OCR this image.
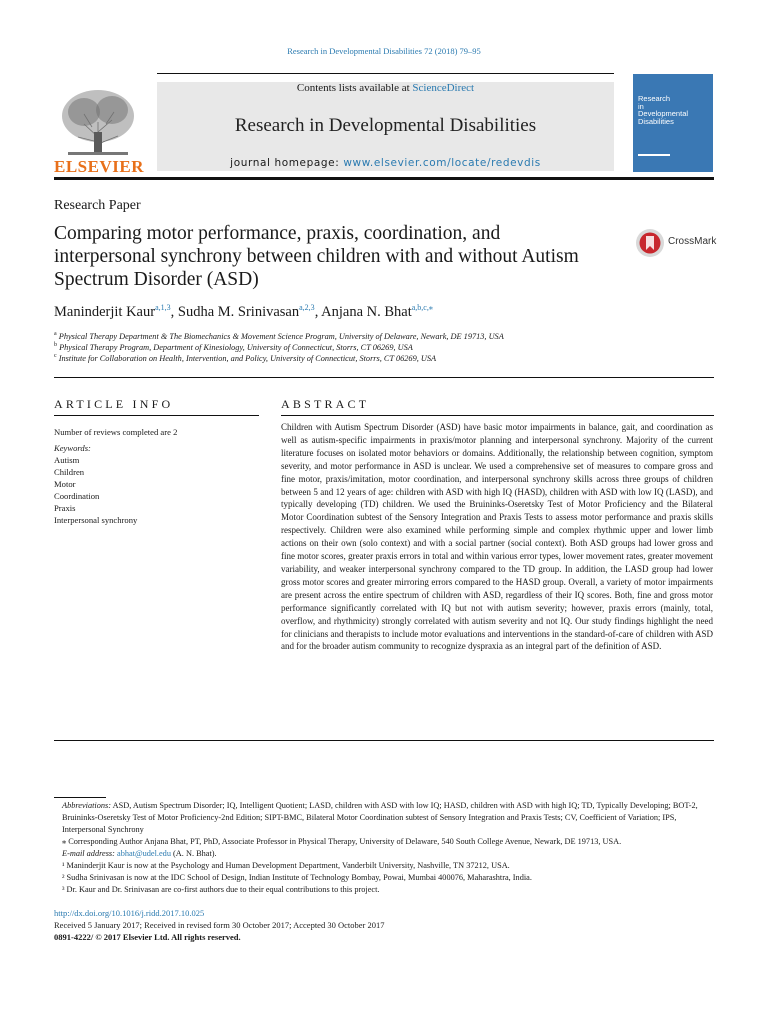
Research in Developmental Disabilities 72 (2018) 79–95
ELSEVIER
Contents lists available at ScienceDirect
Research in Developmental Disabilities
journal homepage: www.elsevier.com/locate/redevdis
Research
in
Developmental
Disabilities
Research Paper
Comparing motor performance, praxis, coordination, and interpersonal synchrony between children with and without Autism Spectrum Disorder (ASD)
CrossMark
Maninderjit Kaur$^{a,1,3}$, Sudha M. Srinivasan$^{a,2,3}$, Anjana N. Bhat$^{a,b,c,⁎}$
$^a$ Physical Therapy Department & The Biomechanics & Movement Science Program, University of Delaware, Newark, DE 19713, USA
$^b$ Physical Therapy Program, Department of Kinesiology, University of Connecticut, Storrs, CT 06269, USA
$^c$ Institute for Collaboration on Health, Intervention, and Policy, University of Connecticut, Storrs, CT 06269, USA
ARTICLE INFO
Number of reviews completed are 2
Keywords:
Autism
Children
Motor
Coordination
Praxis
Interpersonal synchrony
ABSTRACT
Children with Autism Spectrum Disorder (ASD) have basic motor impairments in balance, gait, and coordination as well as autism-specific impairments in praxis/motor planning and interpersonal synchrony. Majority of the current literature focuses on isolated motor behaviors or domains. Additionally, the relationship between cognition, symptom severity, and motor performance in ASD is unclear. We used a comprehensive set of measures to compare gross and fine motor, praxis/imitation, motor coordination, and interpersonal synchrony skills across three groups of children between 5 and 12 years of age: children with ASD with high IQ (HASD), children with ASD with low IQ (LASD), and typically developing (TD) children. We used the Bruininks-Oseretsky Test of Motor Proficiency and the Bilateral Motor Coordination subtest of the Sensory Integration and Praxis Tests to assess motor performance and praxis skills respectively. Children were also examined while performing simple and complex rhythmic upper and lower limb actions on their own (solo context) and with a social partner (social context). Both ASD groups had lower gross and fine motor scores, greater praxis errors in total and within various error types, lower movement rates, greater movement variability, and weaker interpersonal synchrony compared to the TD group. In addition, the LASD group had lower gross motor scores and greater mirroring errors compared to the HASD group. Overall, a variety of motor impairments are present across the entire spectrum of children with ASD, regardless of their IQ scores. Both, fine and gross motor performance significantly correlated with IQ but not with autism severity; however, praxis errors (mainly, total, overflow, and rhythmicity) strongly correlated with autism severity and not IQ. Our study findings highlight the need for clinicians and therapists to include motor evaluations and interventions in the standard-of-care of children with ASD and for the broader autism community to recognize dyspraxia as an integral part of the definition of ASD.

Abbreviations: ASD, Autism Spectrum Disorder; IQ, Intelligent Quotient; LASD, children with ASD with low IQ; HASD, children with ASD with high IQ; TD, Typically Developing; BOT-2, Bruininks-Oseretsky Test of Motor Proficiency-2nd Edition; SIPT-BMC, Bilateral Motor Coordination subtest of Sensory Integration and Praxis Tests; CV, Coefficient of Variation; IPS, Interpersonal Synchrony

⁎ Corresponding Author Anjana Bhat, PT, PhD, Associate Professor in Physical Therapy, University of Delaware, 540 South College Avenue, Newark, DE 19713, USA.

E-mail address: abhat@udel.edu (A. N. Bhat).

¹ Maninderjit Kaur is now at the Psychology and Human Development Department, Vanderbilt University, Nashville, TN 37212, USA.

² Sudha Srinivasan is now at the IDC School of Design, Indian Institute of Technology Bombay, Powai, Mumbai 400076, Maharashtra, India.

³ Dr. Kaur and Dr. Srinivasan are co-first authors due to their equal contributions to this project.

http://dx.doi.org/10.1016/j.ridd.2017.10.025
Received 5 January 2017; Received in revised form 30 October 2017; Accepted 30 October 2017
0891-4222/ © 2017 Elsevier Ltd. All rights reserved.
